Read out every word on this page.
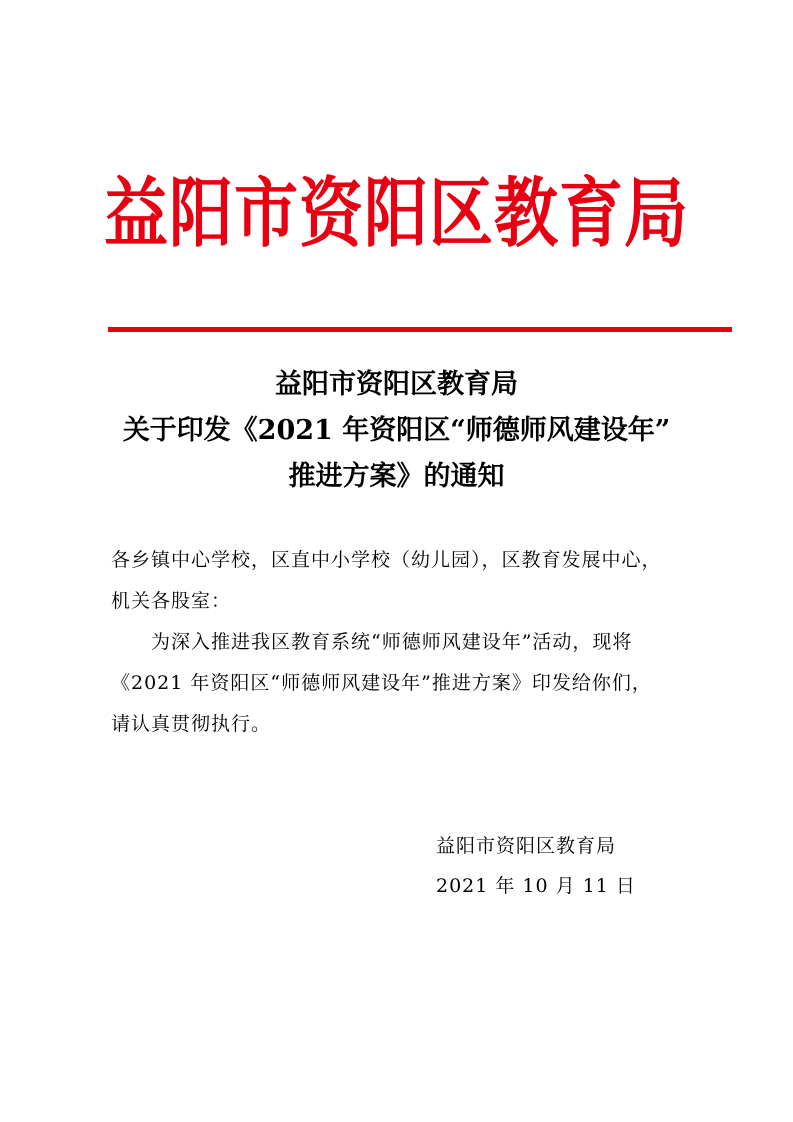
益阳市资阳区教育局
益阳市资阳区教育局
关于印发《2021 年资阳区“师德师风建设年”
推进方案》的通知
各乡镇中心学校，区直中小学校（幼儿园），区教育发展中心，
机关各股室：
为深入推进我区教育系统“师德师风建设年”活动，现将
《2021 年资阳区“师德师风建设年”推进方案》印发给你们，
请认真贯彻执行。
益阳市资阳区教育局
2021 年 10 月 11 日
